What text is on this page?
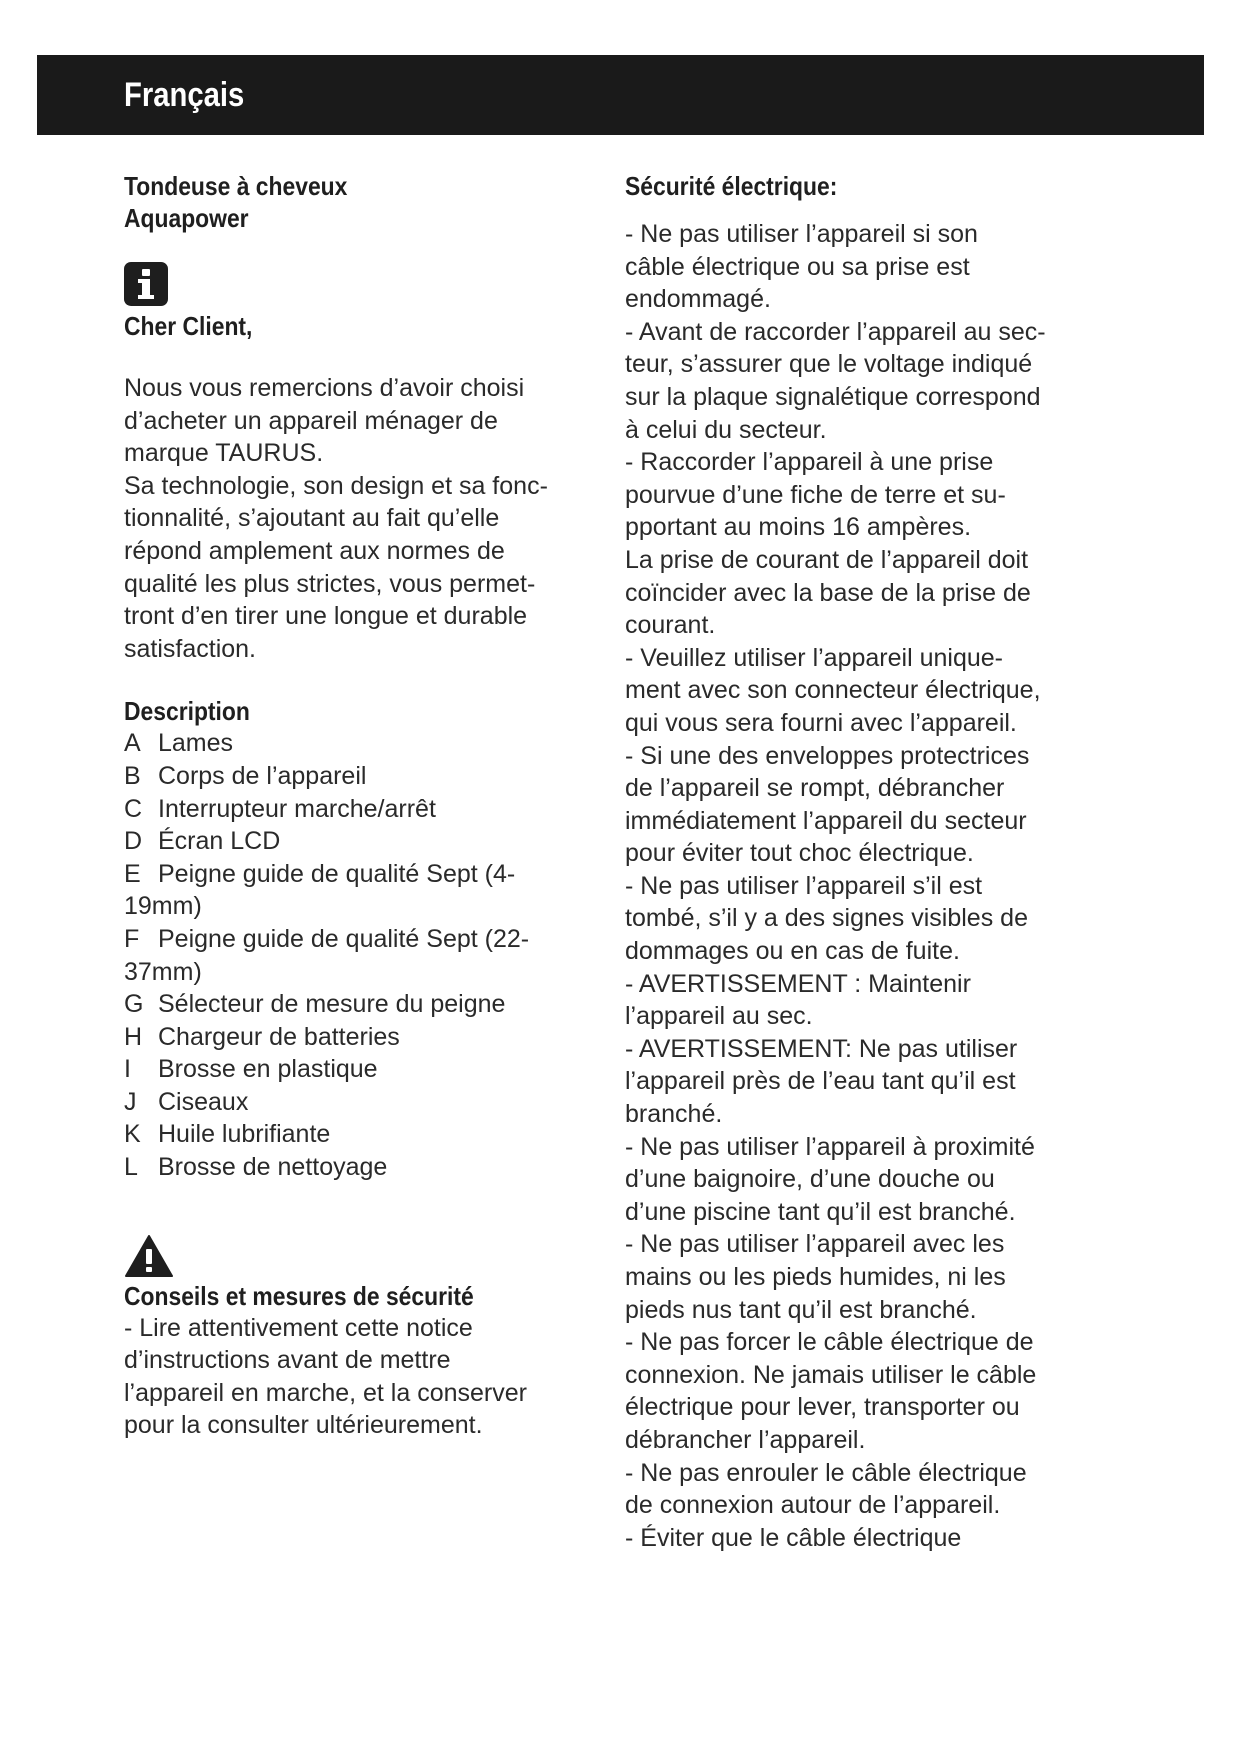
Français

Tondeuse à cheveux

Aquapower

Cher Client,

Nous vous remercions d’avoir choisi
d’acheter un appareil ménager de
marque TAURUS.
Sa technologie, son design et sa fonc-
tionnalité, s’ajoutant au fait qu’elle
répond amplement aux normes de
qualité les plus strictes, vous permet-
tront d’en tirer une longue et durable
satisfaction.

Description

A Lames
B Corps de l’appareil
C Interrupteur marche/arrêt
D Écran LCD
E Peigne guide de qualité Sept (4-
19mm)
F Peigne guide de qualité Sept (22-
37mm)
G Sélecteur de mesure du peigne
H Chargeur de batteries
I Brosse en plastique
J Ciseaux
K Huile lubrifiante
L Brosse de nettoyage

Conseils et mesures de sécurité

- Lire attentivement cette notice
d’instructions avant de mettre
l’appareil en marche, et la conserver
pour la consulter ultérieurement.

Sécurité électrique:

- Ne pas utiliser l’appareil si son
câble électrique ou sa prise est
endommagé.
- Avant de raccorder l’appareil au sec-
teur, s’assurer que le voltage indiqué
sur la plaque signalétique correspond
à celui du secteur.
- Raccorder l’appareil à une prise
pourvue d’une fiche de terre et su-
pportant au moins 16 ampères.
La prise de courant de l’appareil doit
coïncider avec la base de la prise de
courant.
- Veuillez utiliser l’appareil unique-
ment avec son connecteur électrique,
qui vous sera fourni avec l’appareil.
- Si une des enveloppes protectrices
de l’appareil se rompt, débrancher
immédiatement l’appareil du secteur
pour éviter tout choc électrique.
- Ne pas utiliser l’appareil s’il est
tombé, s’il y a des signes visibles de
dommages ou en cas de fuite.
- AVERTISSEMENT : Maintenir
l’appareil au sec.
- AVERTISSEMENT: Ne pas utiliser
l’appareil près de l’eau tant qu’il est
branché.
- Ne pas utiliser l’appareil à proximité
d’une baignoire, d’une douche ou
d’une piscine tant qu’il est branché.
- Ne pas utiliser l’appareil avec les
mains ou les pieds humides, ni les
pieds nus tant qu’il est branché.
- Ne pas forcer le câble électrique de
connexion. Ne jamais utiliser le câble
électrique pour lever, transporter ou
débrancher l’appareil.
- Ne pas enrouler le câble électrique
de connexion autour de l’appareil.
- Éviter que le câble électrique
